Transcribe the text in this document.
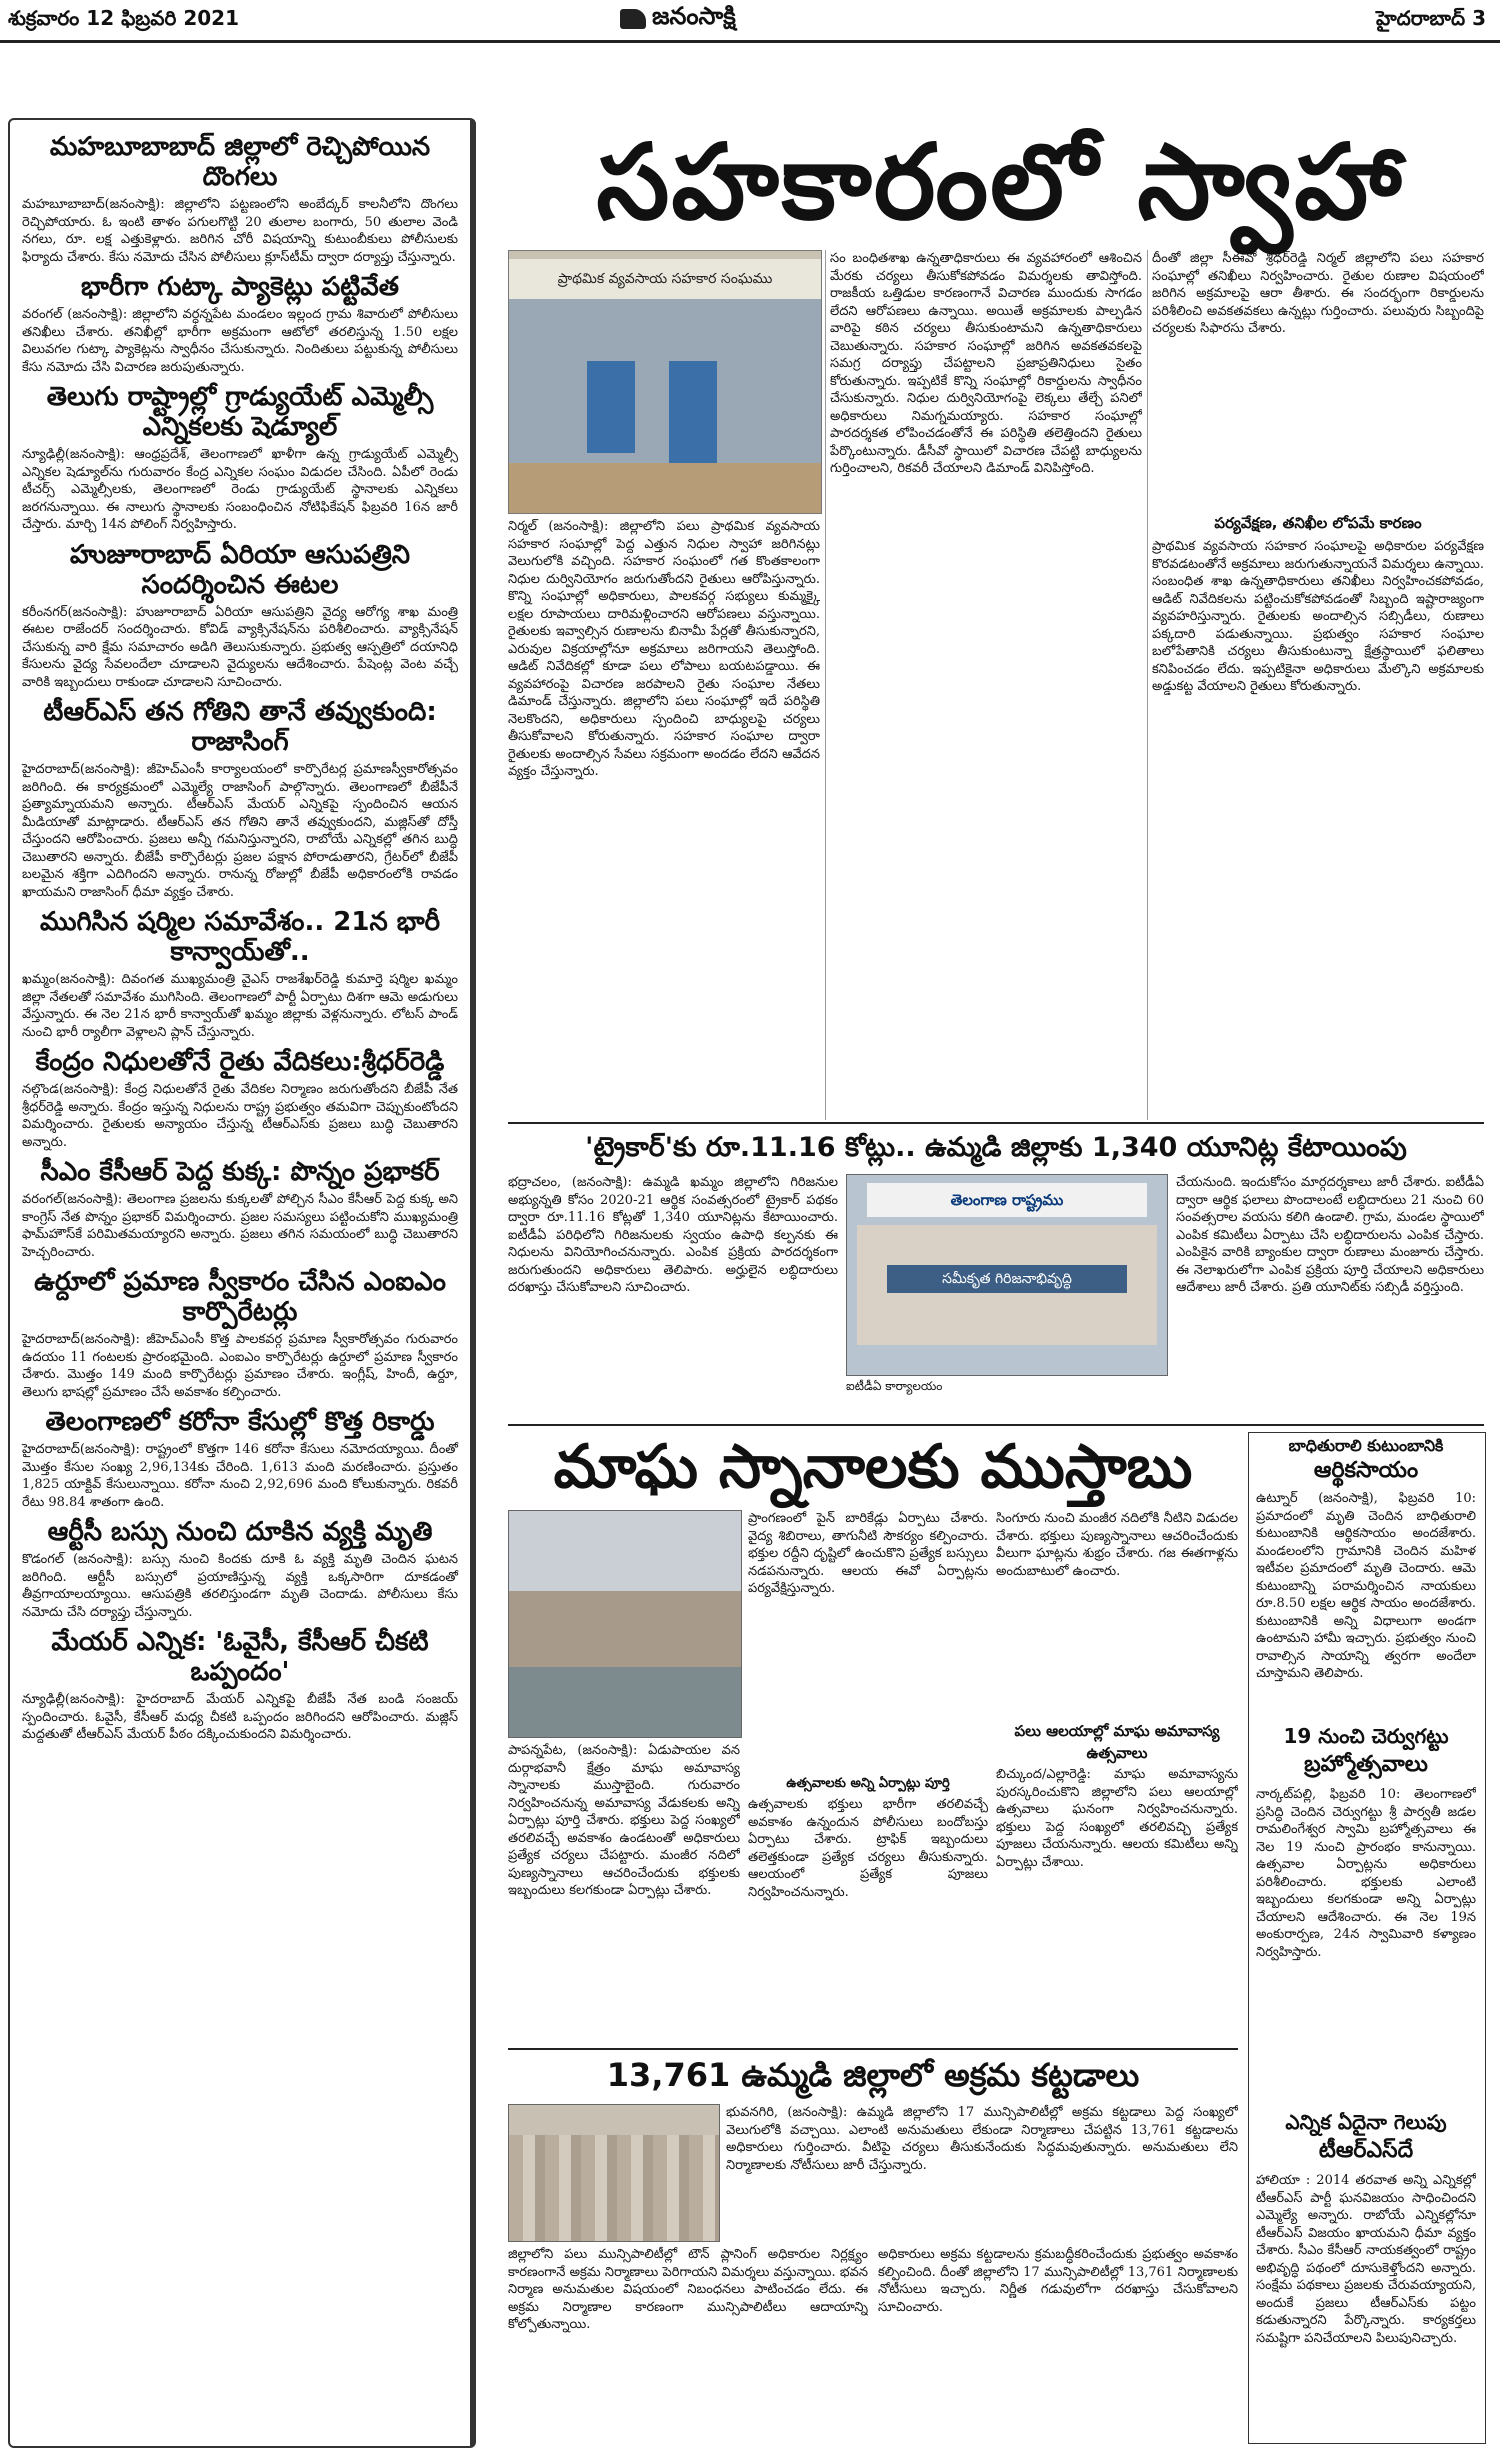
శుక్రవారం 12 ఫిబ్రవరి 2021	జనంసాక్షి	హైదరాబాద్ 3
మహబూబాబాద్ జిల్లాలో రెచ్చిపోయిన దొంగలు
మహబూబాబాద్(జనంసాక్షి): జిల్లాలోని పట్టణంలోని అంబేద్కర్ కాలనీలోని దొంగలు రెచ్చిపోయారు. ఓ ఇంటి తాళం పగులగొట్టి 20 తులాల బంగారు, 50 తులాల వెండి నగలు, రూ. లక్ష ఎత్తుకెళ్లారు. జరిగిన చోరీ విషయాన్ని కుటుంబీకులు పోలీసులకు ఫిర్యాదు చేశారు. కేసు నమోదు చేసిన పోలీసులు క్లూస్‌టీమ్ ద్వారా దర్యాప్తు చేస్తున్నారు.
భారీగా గుట్కా ప్యాకెట్లు పట్టివేత
వరంగల్ (జనంసాక్షి): జిల్లాలోని వర్ధన్నపేట మండలం ఇల్లంద గ్రామ శివారులో పోలీసులు తనిఖీలు చేశారు. తనిఖీల్లో భారీగా అక్రమంగా ఆటోలో తరలిస్తున్న 1.50 లక్షల విలువగల గుట్కా ప్యాకెట్లను స్వాధీనం చేసుకున్నారు. నిందితులు పట్టుకున్న పోలీసులు కేసు నమోదు చేసి విచారణ జరుపుతున్నారు.
తెలుగు రాష్ట్రాల్లో గ్రాడ్యుయేట్ ఎమ్మెల్సీ ఎన్నికలకు షెడ్యూల్
న్యూఢిల్లీ(జనంసాక్షి): ఆంధ్రప్రదేశ్, తెలంగాణలో ఖాళీగా ఉన్న గ్రాడ్యుయేట్ ఎమ్మెల్సీ ఎన్నికల షెడ్యూల్‌ను గురువారం కేంద్ర ఎన్నికల సంఘం విడుదల చేసింది. ఏపీలో రెండు టీచర్స్ ఎమ్మెల్సీలకు, తెలంగాణలో రెండు గ్రాడ్యుయేట్ స్థానాలకు ఎన్నికలు జరగనున్నాయి. ఈ నాలుగు స్థానాలకు సంబంధించిన నోటిఫికేషన్ ఫిబ్రవరి 16న జారీ చేస్తారు. మార్చి 14న పోలింగ్ నిర్వహిస్తారు.
హుజూరాబాద్ ఏరియా ఆసుపత్రిని సందర్శించిన ఈటల
కరీంనగర్(జనంసాక్షి): హుజూరాబాద్ ఏరియా ఆసుపత్రిని వైద్య ఆరోగ్య శాఖ మంత్రి ఈటల రాజేందర్ సందర్శించారు. కోవిడ్ వ్యాక్సినేషన్‌ను పరిశీలించారు. వ్యాక్సినేషన్ చేసుకున్న వారి క్షేమ సమాచారం అడిగి తెలుసుకున్నారు. ప్రభుత్వ ఆస్పత్రిలో దయానిధి కేసులను వైద్య సేవలందేలా చూడాలని వైద్యులను ఆదేశించారు. పేషెంట్ల వెంట వచ్చే వారికి ఇబ్బందులు రాకుండా చూడాలని సూచించారు.
టీఆర్ఎస్ తన గోతిని తానే తవ్వుకుంది: రాజాసింగ్
హైదరాబాద్(జనంసాక్షి): జీహెచ్ఎంసీ కార్యాలయంలో కార్పొరేటర్ల ప్రమాణస్వీకారోత్సవం జరిగింది. ఈ కార్యక్రమంలో ఎమ్మెల్యే రాజాసింగ్ పాల్గొన్నారు. తెలంగాణలో బీజేపీనే ప్రత్యామ్నాయమని అన్నారు. టీఆర్ఎస్ మేయర్ ఎన్నికపై స్పందించిన ఆయన మీడియాతో మాట్లాడారు. టీఆర్ఎస్ తన గోతిని తానే తవ్వుకుందని, మజ్లిస్‌తో దోస్తీ చేస్తుందని ఆరోపించారు. ప్రజలు అన్నీ గమనిస్తున్నారని, రాబోయే ఎన్నికల్లో తగిన బుద్ధి చెబుతారని అన్నారు. బీజేపీ కార్పొరేటర్లు ప్రజల పక్షాన పోరాడుతారని, గ్రేటర్‌లో బీజేపీ బలమైన శక్తిగా ఎదిగిందని అన్నారు. రానున్న రోజుల్లో బీజేపీ అధికారంలోకి రావడం ఖాయమని రాజాసింగ్ ధీమా వ్యక్తం చేశారు.
ముగిసిన షర్మిల సమావేశం.. 21న భారీ కాన్వాయ్‌తో..
ఖమ్మం(జనంసాక్షి): దివంగత ముఖ్యమంత్రి వైఎస్ రాజశేఖర్‌రెడ్డి కుమార్తె షర్మిల ఖమ్మం జిల్లా నేతలతో సమావేశం ముగిసింది. తెలంగాణలో పార్టీ ఏర్పాటు దిశగా ఆమె అడుగులు వేస్తున్నారు. ఈ నెల 21న భారీ కాన్వాయ్‌తో ఖమ్మం జిల్లాకు వెళ్లనున్నారు. లోటస్ పాండ్ నుంచి భారీ ర్యాలీగా వెళ్లాలని ప్లాన్ చేస్తున్నారు.
కేంద్రం నిధులతోనే రైతు వేదికలు:శ్రీధర్‌రెడ్డి
నల్గొండ(జనంసాక్షి): కేంద్ర నిధులతోనే రైతు వేదికల నిర్మాణం జరుగుతోందని బీజేపీ నేత శ్రీధర్‌రెడ్డి అన్నారు. కేంద్రం ఇస్తున్న నిధులను రాష్ట్ర ప్రభుత్వం తమవిగా చెప్పుకుంటోందని విమర్శించారు. రైతులకు అన్యాయం చేస్తున్న టీఆర్ఎస్‌కు ప్రజలు బుద్ధి చెబుతారని అన్నారు.
సీఎం కేసీఆర్ పెద్ద కుక్క: పొన్నం ప్రభాకర్
వరంగల్(జనంసాక్షి): తెలంగాణ ప్రజలను కుక్కలతో పోల్చిన సీఎం కేసీఆర్ పెద్ద కుక్క అని కాంగ్రెస్ నేత పొన్నం ప్రభాకర్ విమర్శించారు. ప్రజల సమస్యలు పట్టించుకోని ముఖ్యమంత్రి ఫామ్‌హౌస్‌కే పరిమితమయ్యారని అన్నారు. ప్రజలు తగిన సమయంలో బుద్ధి చెబుతారని హెచ్చరించారు.
ఉర్దూలో ప్రమాణ స్వీకారం చేసిన ఎంఐఎం కార్పొరేటర్లు
హైదరాబాద్(జనంసాక్షి): జీహెచ్ఎంసీ కొత్త పాలకవర్గ ప్రమాణ స్వీకారోత్సవం గురువారం ఉదయం 11 గంటలకు ప్రారంభమైంది. ఎంఐఎం కార్పొరేటర్లు ఉర్దూలో ప్రమాణ స్వీకారం చేశారు. మొత్తం 149 మంది కార్పొరేటర్లు ప్రమాణం చేశారు. ఇంగ్లీష్, హిందీ, ఉర్దూ, తెలుగు భాషల్లో ప్రమాణం చేసే అవకాశం కల్పించారు.
తెలంగాణలో కరోనా కేసుల్లో కొత్త రికార్డు
హైదరాబాద్(జనంసాక్షి): రాష్ట్రంలో కొత్తగా 146 కరోనా కేసులు నమోదయ్యాయి. దీంతో మొత్తం కేసుల సంఖ్య 2,96,134కు చేరింది. 1,613 మంది మరణించారు. ప్రస్తుతం 1,825 యాక్టివ్ కేసులున్నాయి. కరోనా నుంచి 2,92,696 మంది కోలుకున్నారు. రికవరీ రేటు 98.84 శాతంగా ఉంది.
ఆర్టీసీ బస్సు నుంచి దూకిన వ్యక్తి మృతి
కొడంగల్ (జనంసాక్షి): బస్సు నుంచి కిందకు దూకి ఓ వ్యక్తి మృతి చెందిన ఘటన జరిగింది. ఆర్టీసీ బస్సులో ప్రయాణిస్తున్న వ్యక్తి ఒక్కసారిగా దూకడంతో తీవ్రగాయాలయ్యాయి. ఆసుపత్రికి తరలిస్తుండగా మృతి చెందాడు. పోలీసులు కేసు నమోదు చేసి దర్యాప్తు చేస్తున్నారు.
మేయర్ ఎన్నిక: 'ఓవైసీ, కేసీఆర్ చీకటి ఒప్పందం'
న్యూఢిల్లీ(జనంసాక్షి): హైదరాబాద్ మేయర్ ఎన్నికపై బీజేపీ నేత బండి సంజయ్ స్పందించారు. ఓవైసీ, కేసీఆర్ మధ్య చీకటి ఒప్పందం జరిగిందని ఆరోపించారు. మజ్లిస్ మద్దతుతో టీఆర్ఎస్ మేయర్ పీఠం దక్కించుకుందని విమర్శించారు.
సహకారంలో స్వాహా
ప్రాథమిక వ్యవసాయ సహకార సంఘము
నిర్మల్ (జనంసాక్షి): జిల్లాలోని పలు ప్రాథమిక వ్యవసాయ సహకార సంఘాల్లో పెద్ద ఎత్తున నిధుల స్వాహా జరిగినట్లు వెలుగులోకి వచ్చింది. సహకార సంఘంలో గత కొంతకాలంగా నిధుల దుర్వినియోగం జరుగుతోందని రైతులు ఆరోపిస్తున్నారు. కొన్ని సంఘాల్లో అధికారులు, పాలకవర్గ సభ్యులు కుమ్మక్కై లక్షల రూపాయలు దారిమళ్లించారని ఆరోపణలు వస్తున్నాయి. రైతులకు ఇవ్వాల్సిన రుణాలను బినామీ పేర్లతో తీసుకున్నారని, ఎరువుల విక్రయాల్లోనూ అక్రమాలు జరిగాయని తెలుస్తోంది. ఆడిట్ నివేదికల్లో కూడా పలు లోపాలు బయటపడ్డాయి. ఈ వ్యవహారంపై విచారణ జరపాలని రైతు సంఘాల నేతలు డిమాండ్ చేస్తున్నారు. జిల్లాలోని పలు సంఘాల్లో ఇదే పరిస్థితి నెలకొందని, అధికారులు స్పందించి బాధ్యులపై చర్యలు తీసుకోవాలని కోరుతున్నారు. సహకార సంఘాల ద్వారా రైతులకు అందాల్సిన సేవలు సక్రమంగా అందడం లేదని ఆవేదన వ్యక్తం చేస్తున్నారు.
సం బంధితశాఖ ఉన్నతాధికారులు ఈ వ్యవహారంలో ఆశించిన మేరకు చర్యలు తీసుకోకపోవడం విమర్శలకు తావిస్తోంది. రాజకీయ ఒత్తిడుల కారణంగానే విచారణ ముందుకు సాగడం లేదని ఆరోపణలు ఉన్నాయి. అయితే అక్రమాలకు పాల్పడిన వారిపై కఠిన చర్యలు తీసుకుంటామని ఉన్నతాధికారులు చెబుతున్నారు. సహకార సంఘాల్లో జరిగిన అవకతవకలపై సమగ్ర దర్యాప్తు చేపట్టాలని ప్రజాప్రతినిధులు సైతం కోరుతున్నారు. ఇప్పటికే కొన్ని సంఘాల్లో రికార్డులను స్వాధీనం చేసుకున్నారు. నిధుల దుర్వినియోగంపై లెక్కలు తేల్చే పనిలో అధికారులు నిమగ్నమయ్యారు. సహకార సంఘాల్లో పారదర్శకత లోపించడంతోనే ఈ పరిస్థితి తలెత్తిందని రైతులు పేర్కొంటున్నారు. డీసీవో స్థాయిలో విచారణ చేపట్టి బాధ్యులను గుర్తించాలని, రికవరీ చేయాలని డిమాండ్ వినిపిస్తోంది.
దీంతో జిల్లా సీఈవో శ్రీధర్‌రెడ్డి నిర్మల్ జిల్లాలోని పలు సహకార సంఘాల్లో తనిఖీలు నిర్వహించారు. రైతుల రుణాల విషయంలో జరిగిన అక్రమాలపై ఆరా తీశారు. ఈ సందర్భంగా రికార్డులను పరిశీలించి అవకతవకలు ఉన్నట్లు గుర్తించారు. పలువురు సిబ్బందిపై చర్యలకు సిఫారసు చేశారు.
పర్యవేక్షణ, తనిఖీల లోపమే కారణం
ప్రాథమిక వ్యవసాయ సహకార సంఘాలపై అధికారుల పర్యవేక్షణ కొరవడటంతోనే అక్రమాలు జరుగుతున్నాయనే విమర్శలు ఉన్నాయి. సంబంధిత శాఖ ఉన్నతాధికారులు తనిఖీలు నిర్వహించకపోవడం, ఆడిట్ నివేదికలను పట్టించుకోకపోవడంతో సిబ్బంది ఇష్టారాజ్యంగా వ్యవహరిస్తున్నారు. రైతులకు అందాల్సిన సబ్సిడీలు, రుణాలు పక్కదారి పడుతున్నాయి. ప్రభుత్వం సహకార సంఘాల బలోపేతానికి చర్యలు తీసుకుంటున్నా క్షేత్రస్థాయిలో ఫలితాలు కనిపించడం లేదు. ఇప్పటికైనా అధికారులు మేల్కొని అక్రమాలకు అడ్డుకట్ట వేయాలని రైతులు కోరుతున్నారు.
'ట్రైకార్'కు రూ.11.16 కోట్లు.. ఉమ్మడి జిల్లాకు 1,340 యూనిట్ల కేటాయింపు
భద్రాచలం, (జనంసాక్షి): ఉమ్మడి ఖమ్మం జిల్లాలోని గిరిజనుల అభ్యున్నతి కోసం 2020-21 ఆర్థిక సంవత్సరంలో ట్రైకార్ పథకం ద్వారా రూ.11.16 కోట్లతో 1,340 యూనిట్లను కేటాయించారు. ఐటీడీఏ పరిధిలోని గిరిజనులకు స్వయం ఉపాధి కల్పనకు ఈ నిధులను వినియోగించనున్నారు. ఎంపిక ప్రక్రియ పారదర్శకంగా జరుగుతుందని అధికారులు తెలిపారు. అర్హులైన లబ్ధిదారులు దరఖాస్తు చేసుకోవాలని సూచించారు.
తెలంగాణ రాష్ట్రము
సమీకృత గిరిజనాభివృద్ధి
ఐటీడీఏ కార్యాలయం
చేయనుంది. ఇందుకోసం మార్గదర్శకాలు జారీ చేశారు. ఐటీడీఏ ద్వారా ఆర్థిక ఫలాలు పొందాలంటే లబ్ధిదారులు 21 నుంచి 60 సంవత్సరాల వయసు కలిగి ఉండాలి. గ్రామ, మండల స్థాయిలో ఎంపిక కమిటీలు ఏర్పాటు చేసి లబ్ధిదారులను ఎంపిక చేస్తారు. ఎంపికైన వారికి బ్యాంకుల ద్వారా రుణాలు మంజూరు చేస్తారు. ఈ నెలాఖరులోగా ఎంపిక ప్రక్రియ పూర్తి చేయాలని అధికారులు ఆదేశాలు జారీ చేశారు. ప్రతి యూనిట్‌కు సబ్సిడీ వర్తిస్తుంది.
బాధితురాలి కుటుంబానికి
ఆర్థికసాయం
ఉట్నూర్ (జనంసాక్షి), ఫిబ్రవరి 10: ప్రమాదంలో మృతి చెందిన బాధితురాలి కుటుంబానికి ఆర్థికసాయం అందజేశారు. మండలంలోని గ్రామానికి చెందిన మహిళ ఇటీవల ప్రమాదంలో మృతి చెందారు. ఆమె కుటుంబాన్ని పరామర్శించిన నాయకులు రూ.8.50 లక్షల ఆర్థిక సాయం అందజేశారు. కుటుంబానికి అన్ని విధాలుగా అండగా ఉంటామని హామీ ఇచ్చారు. ప్రభుత్వం నుంచి రావాల్సిన సాయాన్ని త్వరగా అందేలా చూస్తామని తెలిపారు.
19 నుంచి చెర్వుగట్టు
బ్రహ్మోత్సవాలు
నార్కట్‌పల్లి, ఫిబ్రవరి 10: తెలంగాణలో ప్రసిద్ధి చెందిన చెర్వుగట్టు శ్రీ పార్వతీ జడల రామలింగేశ్వర స్వామి బ్రహ్మోత్సవాలు ఈ నెల 19 నుంచి ప్రారంభం కానున్నాయి. ఉత్సవాల ఏర్పాట్లను అధికారులు పరిశీలించారు. భక్తులకు ఎలాంటి ఇబ్బందులు కలగకుండా అన్ని ఏర్పాట్లు చేయాలని ఆదేశించారు. ఈ నెల 19న అంకురార్పణ, 24న స్వామివారి కళ్యాణం నిర్వహిస్తారు.
ఎన్నిక ఏదైనా గెలుపు
టీఆర్ఎస్‌దే
హాలియా : 2014 తరవాత అన్ని ఎన్నికల్లో టీఆర్ఎస్ పార్టీ ఘనవిజయం సాధించిందని ఎమ్మెల్యే అన్నారు. రాబోయే ఎన్నికల్లోనూ టీఆర్ఎస్ విజయం ఖాయమని ధీమా వ్యక్తం చేశారు. సీఎం కేసీఆర్ నాయకత్వంలో రాష్ట్రం అభివృద్ధి పథంలో దూసుకెళ్తోందని అన్నారు. సంక్షేమ పథకాలు ప్రజలకు చేరువయ్యాయని, అందుకే ప్రజలు టీఆర్ఎస్‌కు పట్టం కడుతున్నారని పేర్కొన్నారు. కార్యకర్తలు సమష్టిగా పనిచేయాలని పిలుపునిచ్చారు.
మాఘ స్నానాలకు ముస్తాబు
పాపన్నపేట, (జనంసాక్షి): ఏడుపాయల వన దుర్గాభవానీ క్షేత్రం మాఘ అమావాస్య స్నానాలకు ముస్తాబైంది. గురువారం నిర్వహించనున్న అమావాస్య వేడుకలకు అన్ని ఏర్పాట్లు పూర్తి చేశారు. భక్తులు పెద్ద సంఖ్యలో తరలివచ్చే అవకాశం ఉండటంతో అధికారులు ప్రత్యేక చర్యలు చేపట్టారు. మంజీర నదిలో పుణ్యస్నానాలు ఆచరించేందుకు భక్తులకు ఇబ్బందులు కలగకుండా ఏర్పాట్లు చేశారు.
ప్రాంగణంలో పైన్ బారికేడ్లు ఏర్పాటు చేశారు. వైద్య శిబిరాలు, తాగునీటి సౌకర్యం కల్పించారు. భక్తుల రద్దీని దృష్టిలో ఉంచుకొని ప్రత్యేక బస్సులు నడపనున్నారు. ఆలయ ఈవో ఏర్పాట్లను పర్యవేక్షిస్తున్నారు.
ఉత్సవాలకు అన్ని ఏర్పాట్లు పూర్తి
ఉత్సవాలకు భక్తులు భారీగా తరలివచ్చే అవకాశం ఉన్నందున పోలీసులు బందోబస్తు ఏర్పాటు చేశారు. ట్రాఫిక్ ఇబ్బందులు తలెత్తకుండా ప్రత్యేక చర్యలు తీసుకున్నారు. ఆలయంలో ప్రత్యేక పూజలు నిర్వహించనున్నారు.
సింగూరు నుంచి మంజీర నదిలోకి నీటిని విడుదల చేశారు. భక్తులు పుణ్యస్నానాలు ఆచరించేందుకు వీలుగా ఘాట్లను శుభ్రం చేశారు. గజ ఈతగాళ్లను అందుబాటులో ఉంచారు.
పలు ఆలయాల్లో మాఘ అమావాస్య ఉత్సవాలు
బిచ్కుంద/ఎల్లారెడ్డి: మాఘ అమావాస్యను పురస్కరించుకొని జిల్లాలోని పలు ఆలయాల్లో ఉత్సవాలు ఘనంగా నిర్వహించనున్నారు. భక్తులు పెద్ద సంఖ్యలో తరలివచ్చి ప్రత్యేక పూజలు చేయనున్నారు. ఆలయ కమిటీలు అన్ని ఏర్పాట్లు చేశాయి.
13,761 ఉమ్మడి జిల్లాలో అక్రమ కట్టడాలు
భువనగిరి, (జనంసాక్షి): ఉమ్మడి జిల్లాలోని 17 మున్సిపాలిటీల్లో అక్రమ కట్టడాలు పెద్ద సంఖ్యలో వెలుగులోకి వచ్చాయి. ఎలాంటి అనుమతులు లేకుండా నిర్మాణాలు చేపట్టిన 13,761 కట్టడాలను అధికారులు గుర్తించారు. వీటిపై చర్యలు తీసుకునేందుకు సిద్ధమవుతున్నారు. అనుమతులు లేని నిర్మాణాలకు నోటీసులు జారీ చేస్తున్నారు.
జిల్లాలోని పలు మున్సిపాలిటీల్లో టౌన్ ప్లానింగ్ అధికారుల నిర్లక్ష్యం కారణంగానే అక్రమ నిర్మాణాలు పెరిగాయని విమర్శలు వస్తున్నాయి. భవన నిర్మాణ అనుమతుల విషయంలో నిబంధనలు పాటించడం లేదు. ఈ అక్రమ నిర్మాణాల కారణంగా మున్సిపాలిటీలు ఆదాయాన్ని కోల్పోతున్నాయి.
అధికారులు అక్రమ కట్టడాలను క్రమబద్ధీకరించేందుకు ప్రభుత్వం అవకాశం కల్పించింది. దీంతో జిల్లాలోని 17 మున్సిపాలిటీల్లో 13,761 నిర్మాణాలకు నోటీసులు ఇచ్చారు. నిర్ణీత గడువులోగా దరఖాస్తు చేసుకోవాలని సూచించారు.
